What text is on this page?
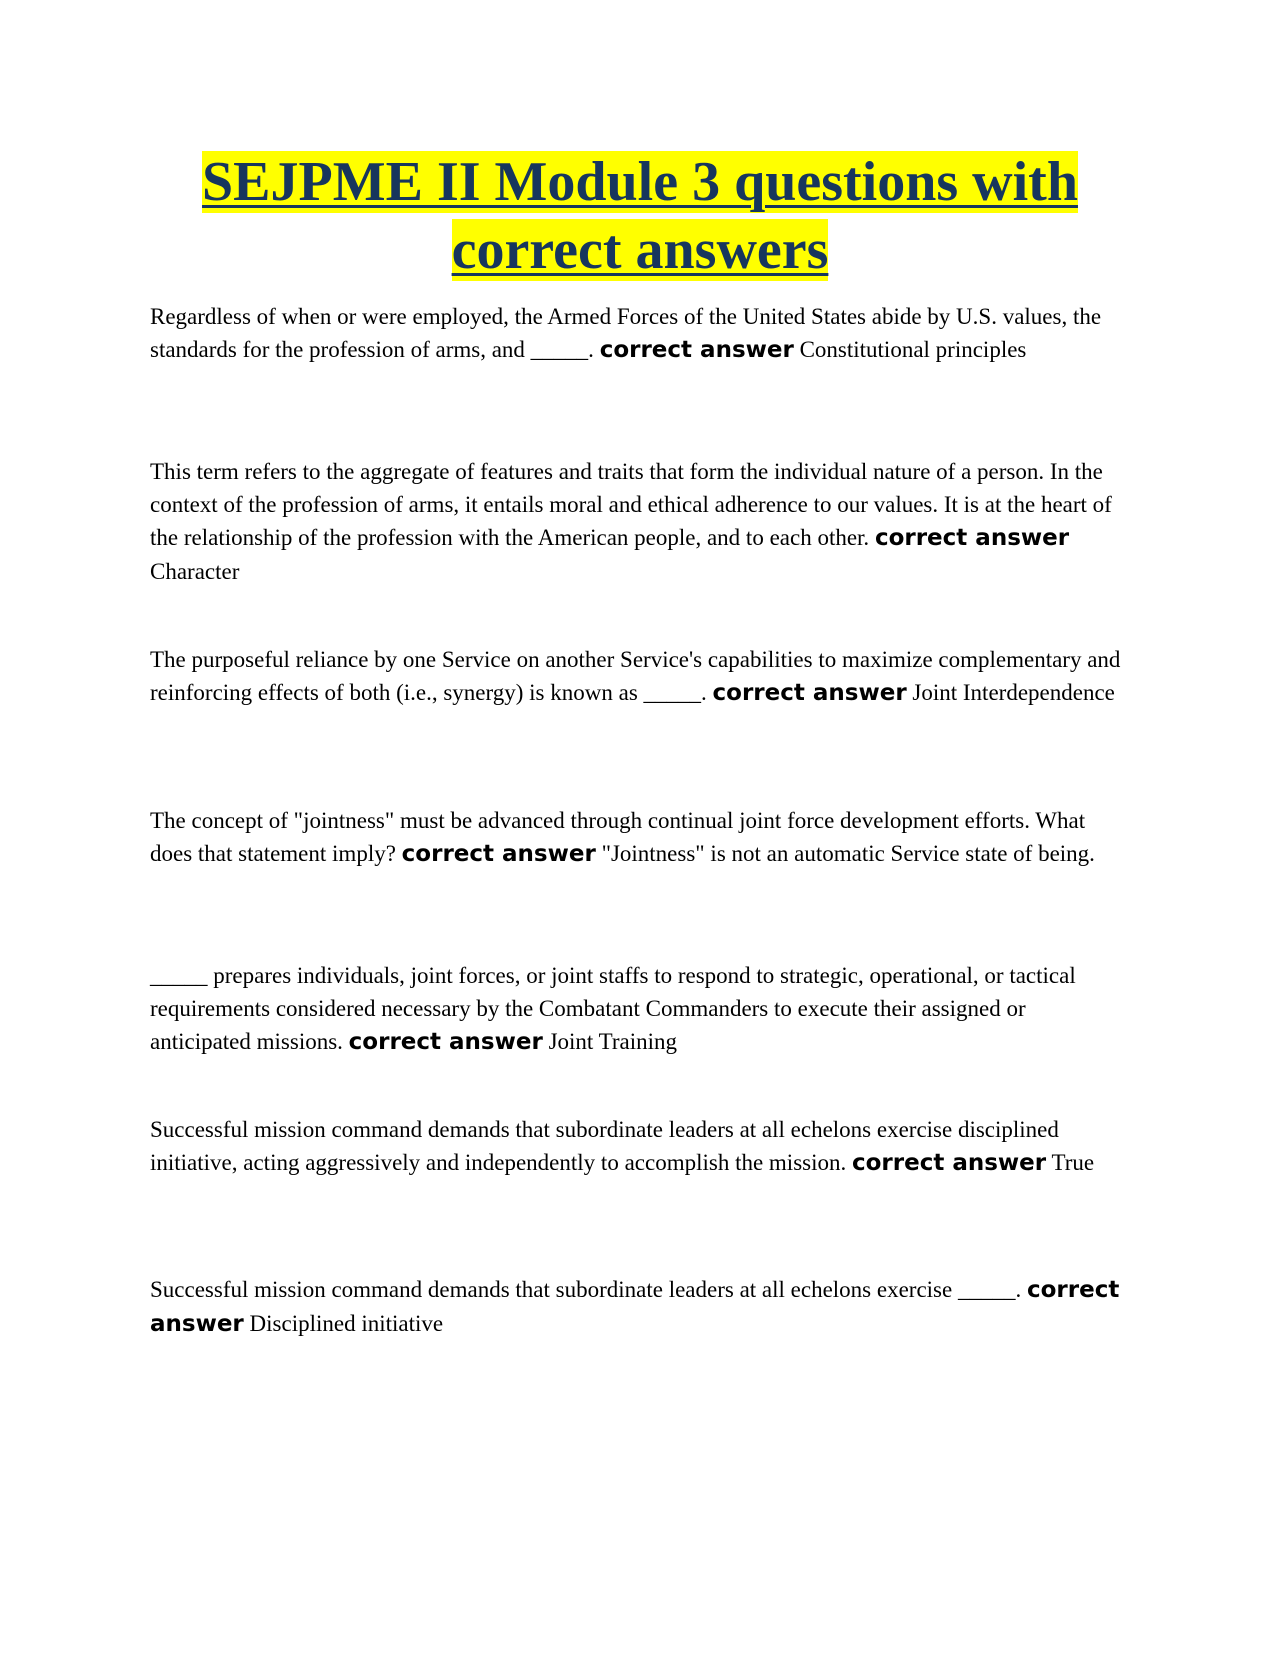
SEJPME II Module 3 questions with correct answers

Regardless of when or were employed, the Armed Forces of the United States abide by U.S. values, the standards for the profession of arms, and _____. correct answer Constitutional principles

This term refers to the aggregate of features and traits that form the individual nature of a person. In the context of the profession of arms, it entails moral and ethical adherence to our values. It is at the heart of the relationship of the profession with the American people, and to each other. correct answer Character

The purposeful reliance by one Service on another Service's capabilities to maximize complementary and reinforcing effects of both (i.e., synergy) is known as _____. correct answer Joint Interdependence

The concept of "jointness" must be advanced through continual joint force development efforts. What does that statement imply? correct answer "Jointness" is not an automatic Service state of being.

_____ prepares individuals, joint forces, or joint staffs to respond to strategic, operational, or tactical requirements considered necessary by the Combatant Commanders to execute their assigned or anticipated missions. correct answer Joint Training

Successful mission command demands that subordinate leaders at all echelons exercise disciplined initiative, acting aggressively and independently to accomplish the mission. correct answer True

Successful mission command demands that subordinate leaders at all echelons exercise _____. correct answer Disciplined initiative
